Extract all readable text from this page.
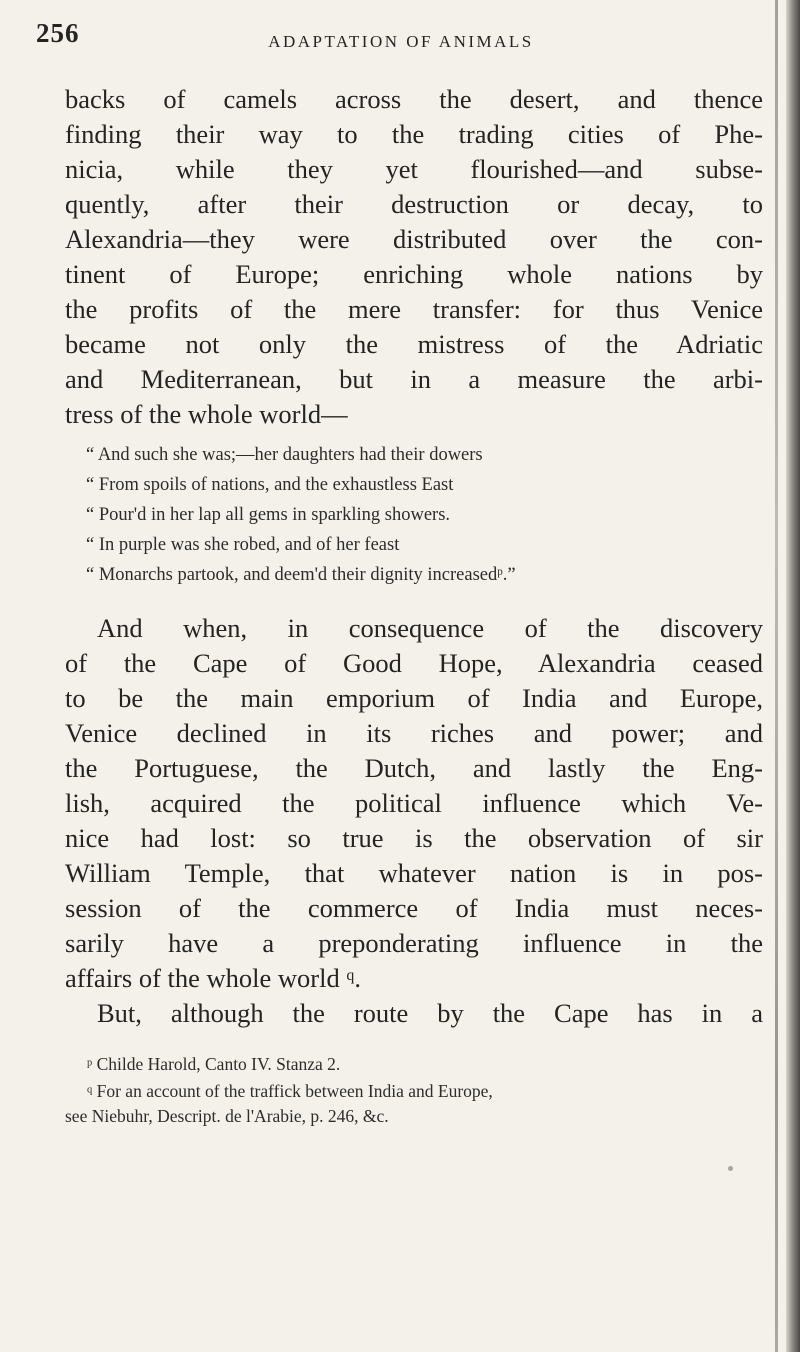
256	ADAPTATION OF ANIMALS
backs of camels across the desert, and thence
finding their way to the trading cities of Phe-
nicia, while they yet flourished—and subse-
quently, after their destruction or decay, to
Alexandria—they were distributed over the con-
tinent of Europe; enriching whole nations by
the profits of the mere transfer: for thus Venice
became not only the mistress of the Adriatic
and Mediterranean, but in a measure the arbi-
tress of the whole world—
“ And such she was;—her daughters had their dowers
“ From spoils of nations, and the exhaustless East
“ Pour'd in her lap all gems in sparkling showers.
“ In purple was she robed, and of her feast
“ Monarchs partook, and deem'd their dignity increased$^p$.”
And when, in consequence of the discovery
of the Cape of Good Hope, Alexandria ceased
to be the main emporium of India and Europe,
Venice declined in its riches and power; and
the Portuguese, the Dutch, and lastly the Eng-
lish, acquired the political influence which Ve-
nice had lost: so true is the observation of sir
William Temple, that whatever nation is in pos-
session of the commerce of India must neces-
sarily have a preponderating influence in the
affairs of the whole world $^q$.
But, although the route by the Cape has in a
$^p$ Childe Harold, Canto IV. Stanza 2.
$^q$ For an account of the traffick between India and Europe,
see Niebuhr, Descript. de l'Arabie, p. 246, &c.
